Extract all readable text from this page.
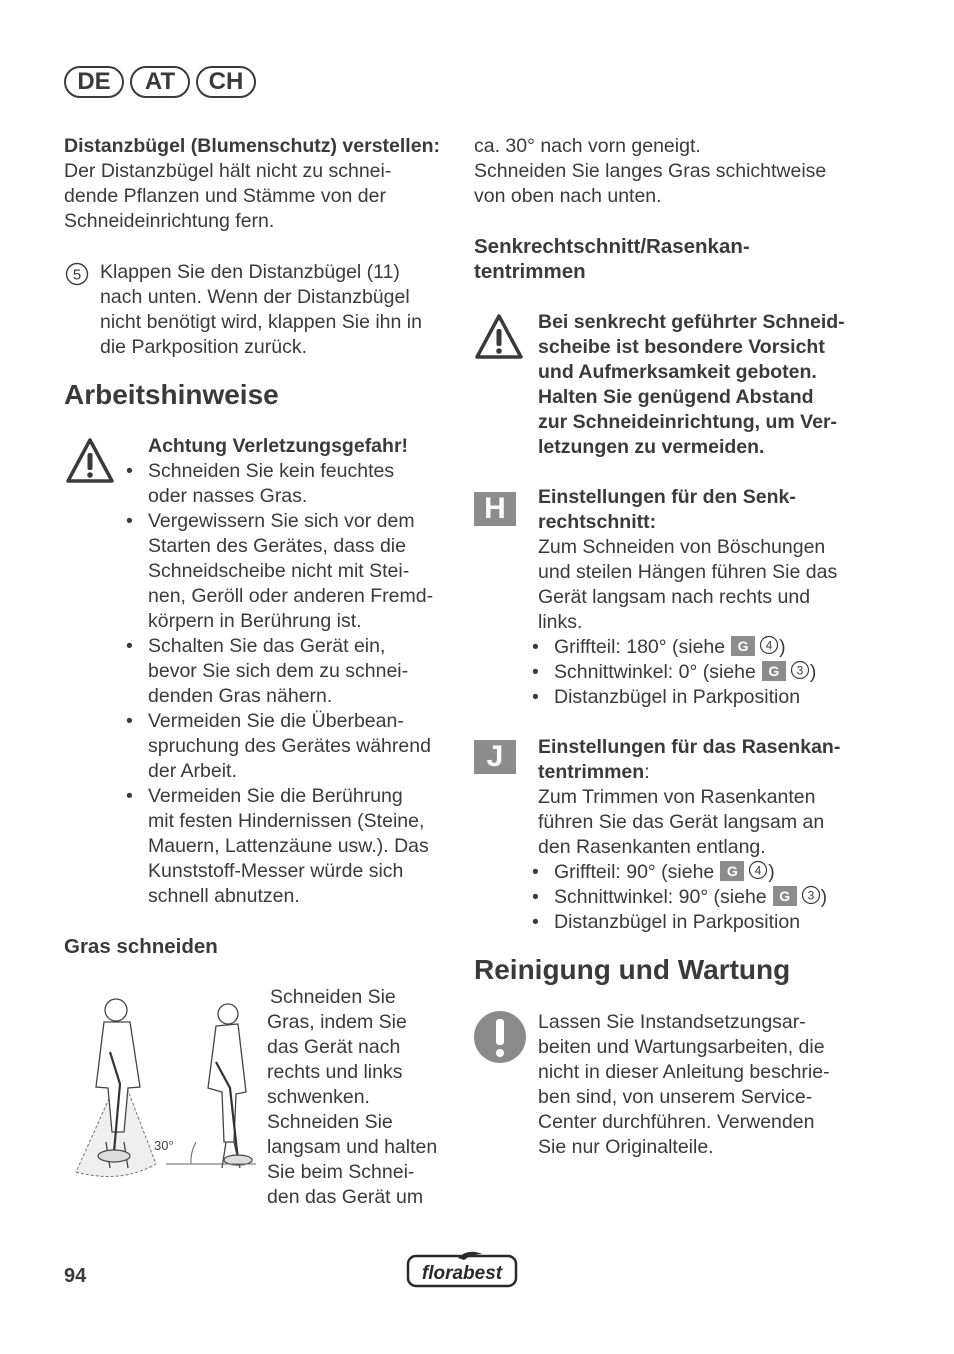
DE	AT	CH

Distanzbügel (Blumenschutz) verstellen:

Der Distanzbügel hält nicht zu schnei-

dende Pflanzen und Stämme von der

Schneideinrichtung fern.

5 Klappen Sie den Distanzbügel (11)

nach unten. Wenn der Distanzbügel

nicht benötigt wird, klappen Sie ihn in

die Parkposition zurück.

Arbeitshinweise

Achtung Verletzungsgefahr!

• Schneiden Sie kein feuchtes
oder nasses Gras.
• Vergewissern Sie sich vor dem
Starten des Gerätes, dass die
Schneidscheibe nicht mit Stei-
nen, Geröll oder anderen Fremd-
körpern in Berührung ist.
• Schalten Sie das Gerät ein,
bevor Sie sich dem zu schnei-
denden Gras nähern.
• Vermeiden Sie die Überbean-
spruchung des Gerätes während
der Arbeit.
• Vermeiden Sie die Berührung
mit festen Hindernissen (Steine,
Mauern, Lattenzäune usw.). Das
Kunststoff-Messer würde sich
schnell abnutzen.
Gras schneiden
30°

Schneiden Sie

Gras, indem Sie

das Gerät nach

rechts und links

schwenken.

Schneiden Sie

langsam und halten

Sie beim Schnei-

den das Gerät um

ca. 30° nach vorn geneigt.

Schneiden Sie langes Gras schichtweise

von oben nach unten.

Senkrechtschnitt/Rasenkan-
tentrimmen

Bei senkrecht geführter Schneid-

scheibe ist besondere Vorsicht

und Aufmerksamkeit geboten.

Halten Sie genügend Abstand

zur Schneideinrichtung, um Ver-

letzungen zu vermeiden.

H	Einstellungen für den Senk-

rechtschnitt:

Zum Schneiden von Böschungen

und steilen Hängen führen Sie das

Gerät langsam nach rechts und

links.

• Griffteil: 180° (siehe G 4 )
• Schnittwinkel: 0° (siehe G 3 )
• Distanzbügel in Parkposition
J	Einstellungen für das Rasenkan-

tentrimmen:

Zum Trimmen von Rasenkanten

führen Sie das Gerät langsam an

den Rasenkanten entlang.

• Griffteil: 90° (siehe G 4 )
• Schnittwinkel: 90° (siehe G 3 )
• Distanzbügel in Parkposition
Reinigung und Wartung

Lassen Sie Instandsetzungsar-

beiten und Wartungsarbeiten, die

nicht in dieser Anleitung beschrie-

ben sind, von unserem Service-

Center durchführen. Verwenden

Sie nur Originalteile.

94	florabest
